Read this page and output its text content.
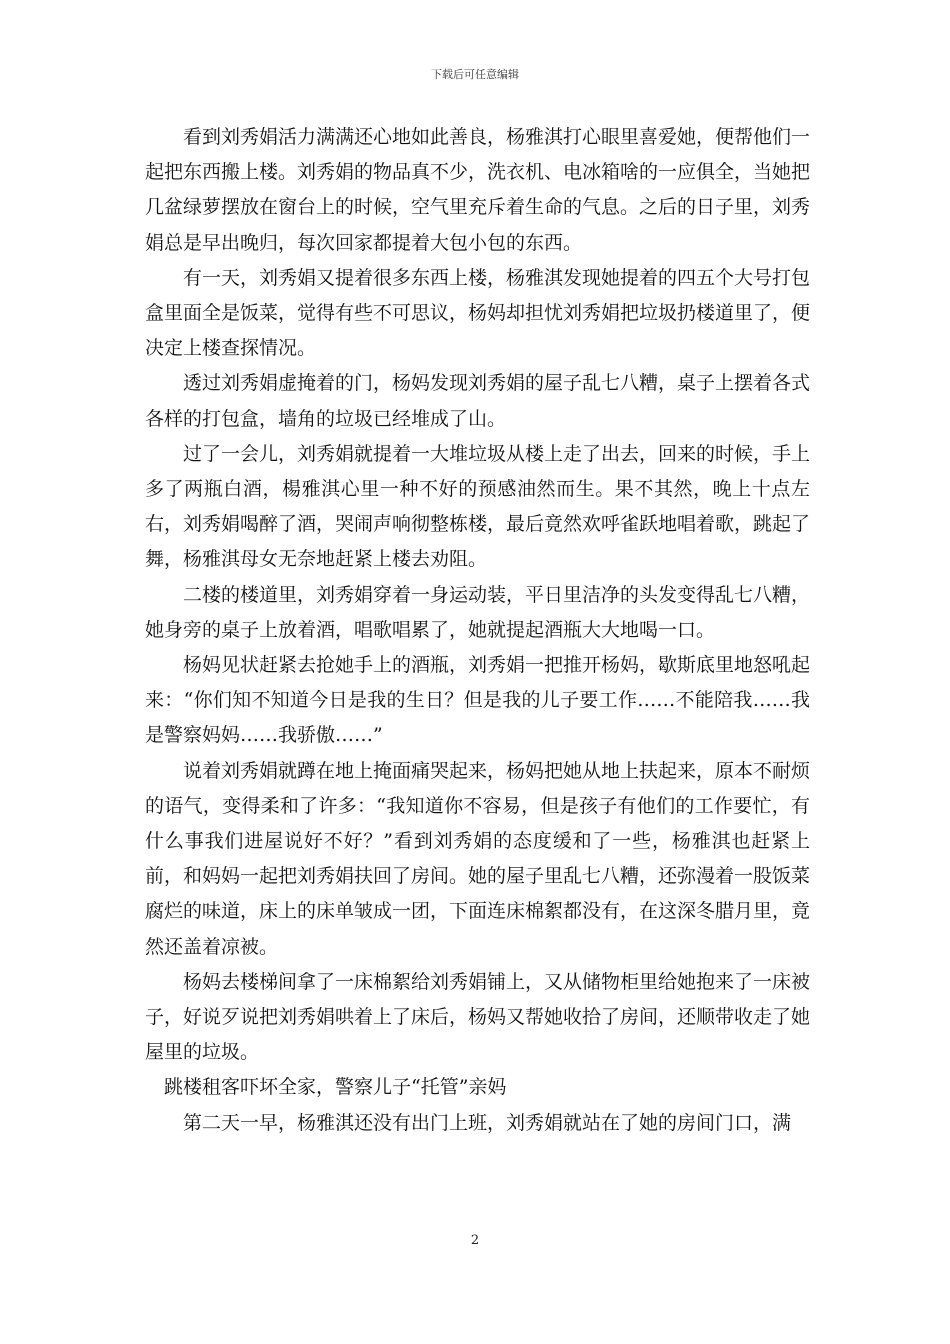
下载后可任意编辑

看到刘秀娟活力满满还心地如此善良，杨雅淇打心眼里喜爱她，便帮他们一起把东西搬上楼。刘秀娟的物品真不少，洗衣机、电冰箱啥的一应俱全，当她把几盆绿萝摆放在窗台上的时候，空气里充斥着生命的气息。之后的日子里，刘秀娟总是早出晚归，每次回家都提着大包小包的东西。

有一天，刘秀娟又提着很多东西上楼，杨雅淇发现她提着的四五个大号打包盒里面全是饭菜，觉得有些不可思议，杨妈却担忧刘秀娟把垃圾扔楼道里了，便决定上楼查探情况。

透过刘秀娟虚掩着的门，杨妈发现刘秀娟的屋子乱七八糟，桌子上摆着各式各样的打包盒，墙角的垃圾已经堆成了山。

过了一会儿，刘秀娟就提着一大堆垃圾从楼上走了出去，回来的时候，手上多了两瓶白酒，楊雅淇心里一种不好的预感油然而生。果不其然，晚上十点左右，刘秀娟喝醉了酒，哭闹声响彻整栋楼，最后竟然欢呼雀跃地唱着歌，跳起了舞，杨雅淇母女无奈地赶紧上楼去劝阻。

二楼的楼道里，刘秀娟穿着一身运动装，平日里洁净的头发变得乱七八糟，她身旁的桌子上放着酒，唱歌唱累了，她就提起酒瓶大大地喝一口。

杨妈见状赶紧去抢她手上的酒瓶，刘秀娟一把推开杨妈，歇斯底里地怒吼起来：“你们知不知道今日是我的生日？但是我的儿子要工作……不能陪我……我是警察妈妈……我骄傲……”

说着刘秀娟就蹲在地上掩面痛哭起来，杨妈把她从地上扶起来，原本不耐烦的语气，变得柔和了许多：“我知道你不容易，但是孩子有他们的工作要忙，有什么事我们进屋说好不好？”看到刘秀娟的态度缓和了一些，杨雅淇也赶紧上前，和妈妈一起把刘秀娟扶回了房间。她的屋子里乱七八糟，还弥漫着一股饭菜腐烂的味道，床上的床单皱成一团，下面连床棉絮都没有，在这深冬腊月里，竟然还盖着凉被。

杨妈去楼梯间拿了一床棉絮给刘秀娟铺上，又从储物柜里给她抱来了一床被子，好说歹说把刘秀娟哄着上了床后，杨妈又帮她收拾了房间，还顺带收走了她屋里的垃圾。

跳楼租客吓坏全家，警察儿子“托管”亲妈

第二天一早，杨雅淇还没有出门上班，刘秀娟就站在了她的房间门口，满

2
